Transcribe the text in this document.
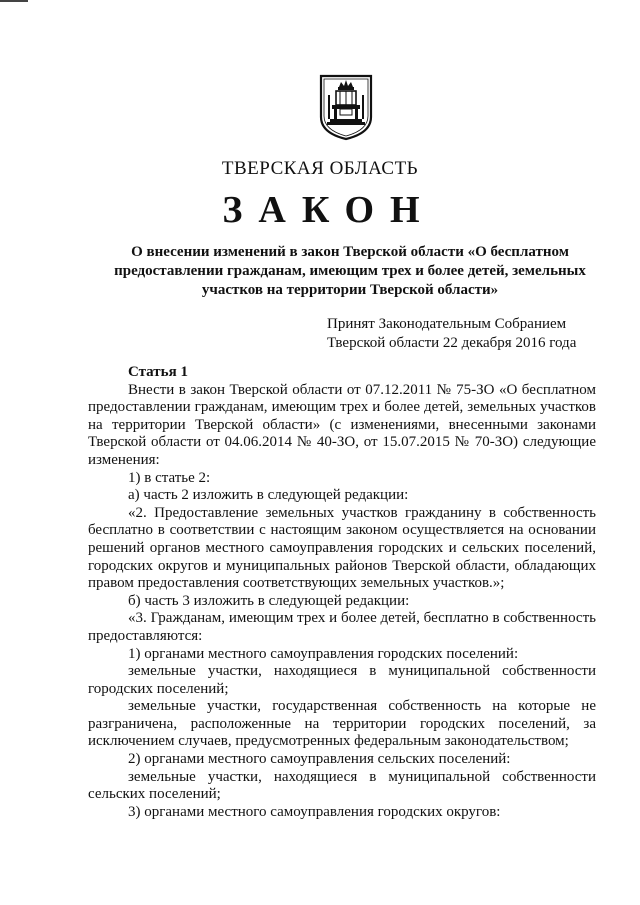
ТВЕРСКАЯ ОБЛАСТЬ
ЗАКОН
О внесении изменений в закон Тверской области «О бесплатном предоставлении гражданам, имеющим трех и более детей, земельных участков на территории Тверской области»
Принят Законодательным Собранием
Тверской области 22 декабря 2016 года

Статья 1

Внести в закон Тверской области от 07.12.2011 № 75-ЗО «О бесплатном предоставлении гражданам, имеющим трех и более детей, земельных участков на территории Тверской области» (с изменениями, внесенными законами Тверской области от 04.06.2014 № 40-ЗО, от 15.07.2015 № 70-ЗО) следующие изменения:

1) в статье 2:

а) часть 2 изложить в следующей редакции:

«2. Предоставление земельных участков гражданину в собственность бесплатно в соответствии с настоящим законом осуществляется на основании решений органов местного самоуправления городских и сельских поселений, городских округов и муниципальных районов Тверской области, обладающих правом предоставления соответствующих земельных участков.»;

б) часть 3 изложить в следующей редакции:

«3. Гражданам, имеющим трех и более детей, бесплатно в собственность предоставляются:

1) органами местного самоуправления городских поселений:

земельные участки, находящиеся в муниципальной собственности городских поселений;

земельные участки, государственная собственность на которые не разграничена, расположенные на территории городских поселений, за исключением случаев, предусмотренных федеральным законодательством;

2) органами местного самоуправления сельских поселений:

земельные участки, находящиеся в муниципальной собственности сельских поселений;

3) органами местного самоуправления городских округов:
